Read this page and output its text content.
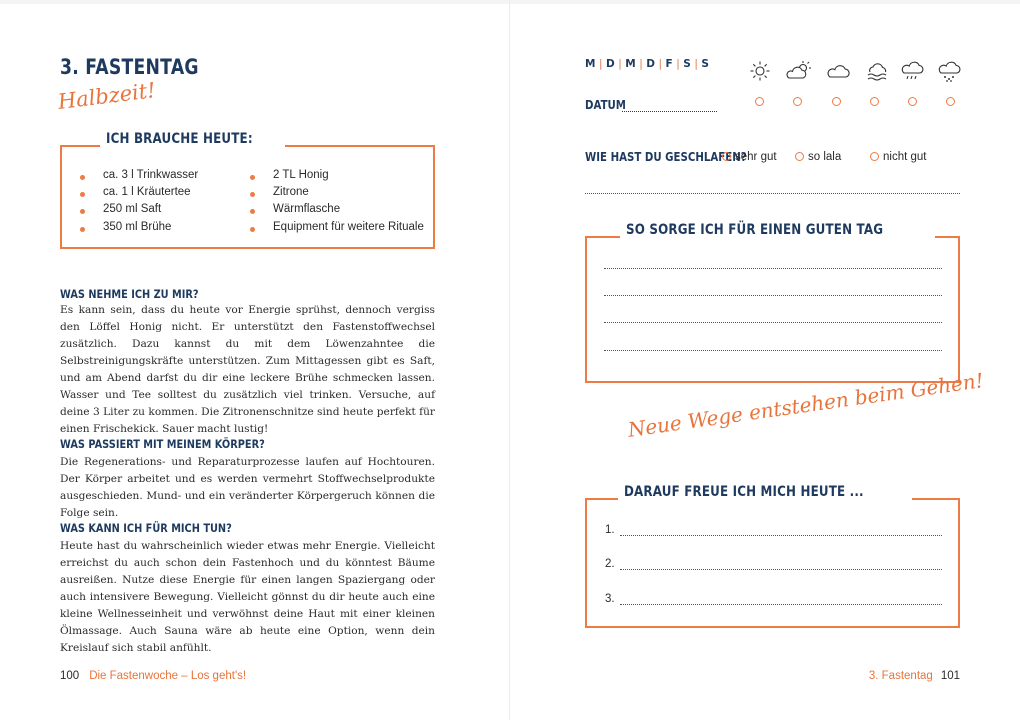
3. FASTENTAG
Halbzeit!
ICH BRAUCHE HEUTE:
ca. 3 l Trinkwasser
ca. 1 l Kräutertee
250 ml Saft
350 ml Brühe
2 TL Honig
Zitrone
Wärmflasche
Equipment für weitere Rituale
WAS NEHME ICH ZU MIR?

Es kann sein, dass du heute vor Energie sprühst, dennoch vergiss den Löffel Honig nicht. Er unterstützt den Fastenstoffwechsel zusätzlich. Dazu kannst du mit dem Löwenzahntee die Selbstreinigungskräfte unterstützen. Zum Mittagessen gibt es Saft, und am Abend darfst du dir eine leckere Brühe schmecken lassen. Wasser und Tee solltest du zusätzlich viel trinken. Versuche, auf deine 3 Liter zu kommen. Die Zitronenschnitze sind heute perfekt für einen Frischekick. Sauer macht lustig!

WAS PASSIERT MIT MEINEM KÖRPER?

Die Regenerations- und Reparaturprozesse laufen auf Hochtouren. Der Körper arbeitet und es werden vermehrt Stoffwechselprodukte ausgeschieden. Mund- und ein veränderter Körpergeruch können die Folge sein.

WAS KANN ICH FÜR MICH TUN?

Heute hast du wahrscheinlich wieder etwas mehr Energie. Vielleicht erreichst du auch schon dein Fastenhoch und du könntest Bäume ausreißen. Nutze diese Energie für einen langen Spaziergang oder auch intensivere Bewegung. Vielleicht gönnst du dir heute auch eine kleine Wellnesseinheit und verwöhnst deine Haut mit einer kleinen Ölmassage. Auch Sauna wäre ab heute eine Option, wenn dein Kreislauf sich stabil anfühlt.

100 Die Fastenwoche – Los geht's!
M | D | M | D | F | S | S
DATUM
WIE HAST DU GESCHLAFEN?
sehr gut	so lala	nicht gut
SO SORGE ICH FÜR EINEN GUTEN TAG
Neue Wege entstehen beim Gehen!
DARAUF FREUE ICH MICH HEUTE ...
1.
2.
3.
3. Fastentag 101
